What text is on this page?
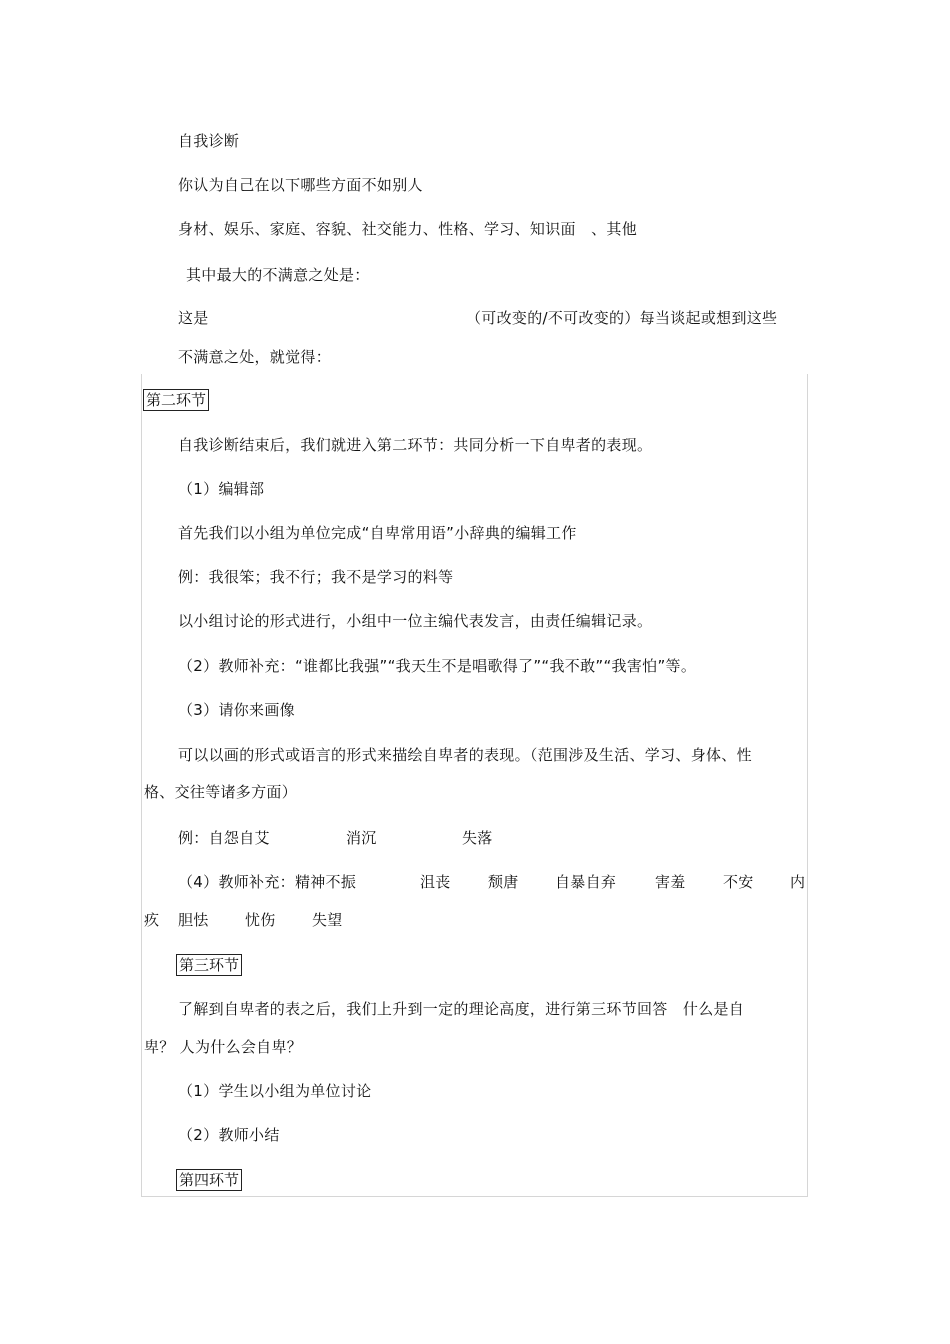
自我诊断
你认为自己在以下哪些方面不如别人
身材、娱乐、家庭、容貌、社交能力、性格、学习、知识面　、其他
其中最大的不满意之处是：
这是	（可改变的/不可改变的）每当谈起或想到这些
不满意之处，就觉得：
第二环节
自我诊断结束后，我们就进入第二环节：共同分析一下自卑者的表现。
（1）编辑部
首先我们以小组为单位完成“自卑常用语”小辞典的编辑工作
例：我很笨；我不行；我不是学习的料等
以小组讨论的形式进行，小组中一位主编代表发言，由责任编辑记录。
（2）教师补充：“谁都比我强”“我天生不是唱歌得了”“我不敢”“我害怕”等。
（3）请你来画像
可以以画的形式或语言的形式来描绘自卑者的表现。（范围涉及生活、学习、身体、性
格、交往等诸多方面）
例：自怨自艾	消沉	失落
（4）教师补充：精神不振	沮丧 颓唐 自暴自弃	害羞 不安 内
疚 胆怯 忧伤 失望
第三环节
了解到自卑者的表之后，我们上升到一定的理论高度，进行第三环节回答　什么是自
卑？ 人为什么会自卑？
（1）学生以小组为单位讨论
（2）教师小结
第四环节
